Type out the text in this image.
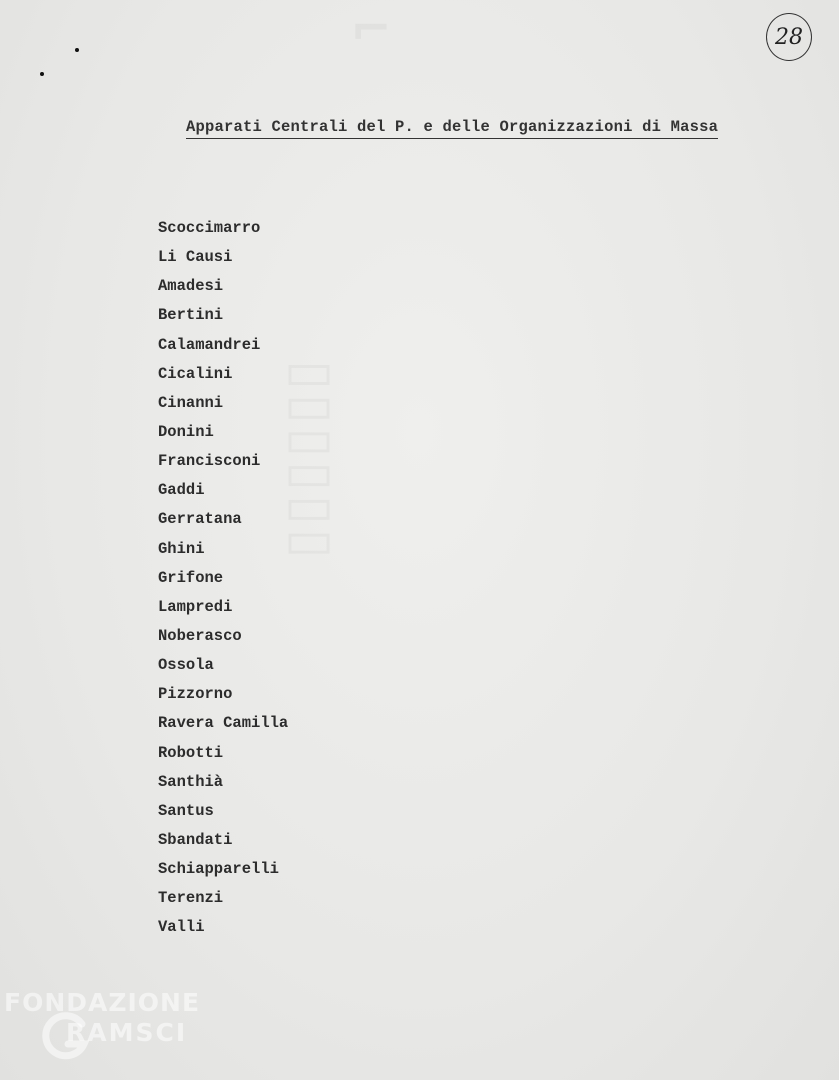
28
Apparati Centrali del P. e delle Organizzazioni di Massa
Scoccimarro
Li Causi
Amadesi
Bertini
Calamandrei
Cicalini
Cinanni
Donini
Francisconi
Gaddi
Gerratana
Ghini
Grifone
Lampredi
Noberasco
Ossola
Pizzorno
Ravera Camilla
Robotti
Santhià
Santus
Sbandati
Schiapparelli
Terenzi
Valli
FONDAZIONE
RAMSCI
